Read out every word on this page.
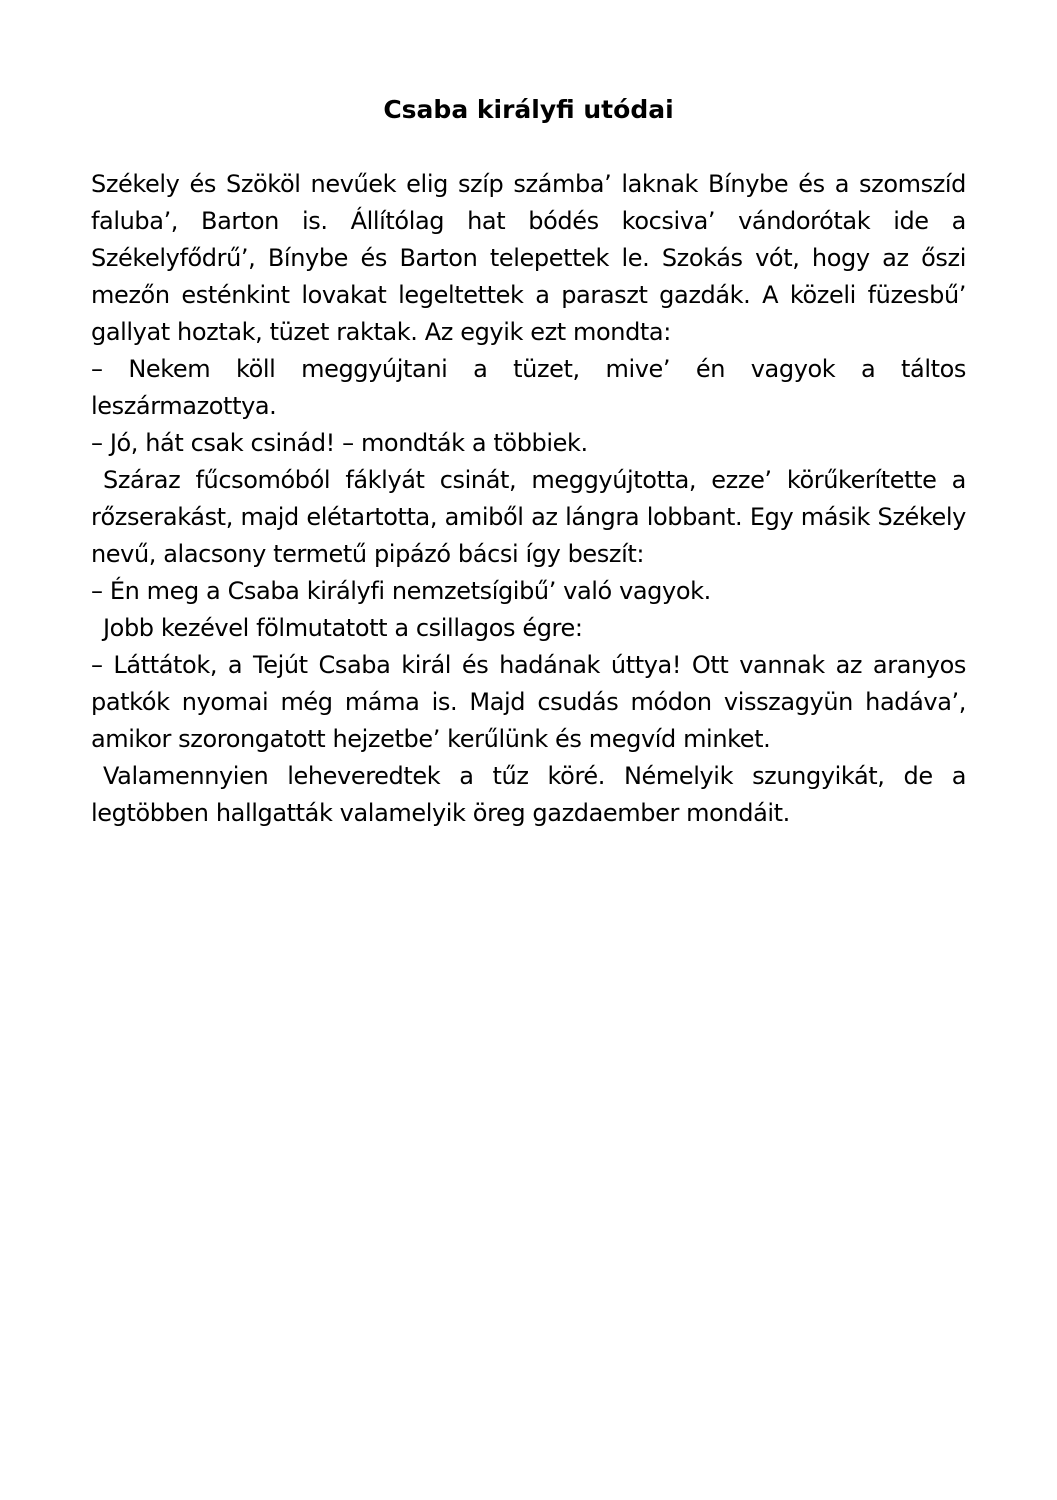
Csaba királyfi utódai

Székely és Szököl nevűek elig szíp számba’ laknak Bínybe és a szomszíd faluba’, Barton is. Állítólag hat bódés kocsiva’ vándorótak ide a Székelyfődrű’, Bínybe és Barton telepettek le. Szokás vót, hogy az őszi mezőn esténkint lovakat legeltettek a paraszt gazdák. A közeli füzesbű’ gallyat hoztak, tüzet raktak. Az egyik ezt mondta:

– Nekem köll meggyújtani a tüzet, mive’ én vagyok a táltos leszármazottya.

– Jó, hát csak csinád! – mondták a többiek.

Száraz fűcsomóból fáklyát csinát, meggyújtotta, ezze’ körűkerítette a rőzserakást, majd elétartotta, amiből az lángra lobbant. Egy másik Székely nevű, alacsony termetű pipázó bácsi így beszít:

– Én meg a Csaba királyfi nemzetsígibű’ való vagyok.

Jobb kezével fölmutatott a csillagos égre:

– Láttátok, a Tejút Csaba királ és hadának úttya! Ott vannak az aranyos patkók nyomai még máma is. Majd csudás módon visszagyün hadáva’, amikor szorongatott hejzetbe’ kerűlünk és megvíd minket.

Valamennyien leheveredtek a tűz köré. Némelyik szungyikát, de a legtöbben hallgatták valamelyik öreg gazdaember mondáit.
